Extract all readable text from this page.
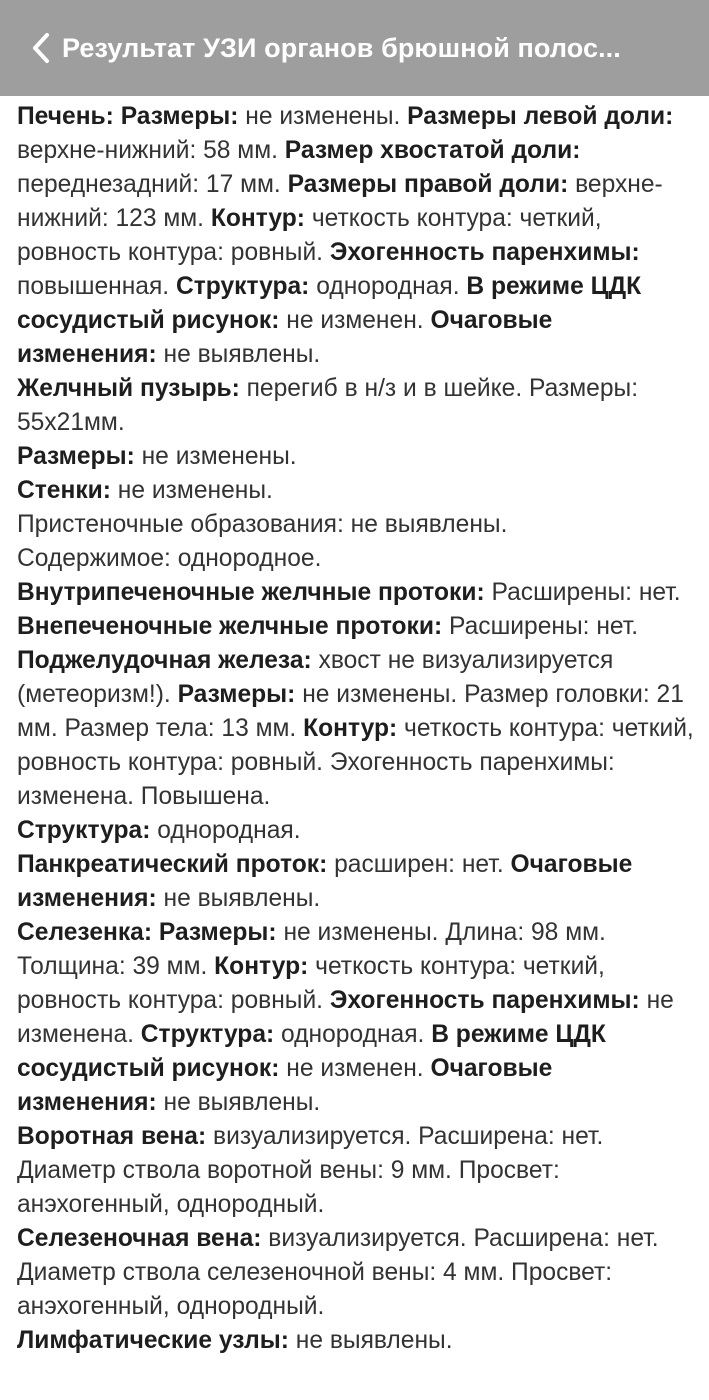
Результат УЗИ органов брюшной полос...

Печень: Размеры: не изменены. Размеры левой доли: верхне-нижний: 58 мм. Размер хвостатой доли: переднезадний: 17 мм. Размеры правой доли: верхне-нижний: 123 мм. Контур: четкость контура: четкий, ровность контура: ровный. Эхогенность паренхимы: повышенная. Структура: однородная. В режиме ЦДК сосудистый рисунок: не изменен. Очаговые изменения: не выявлены.

Желчный пузырь: перегиб в н/з и в шейке. Размеры: 55x21мм.

Размеры: не изменены.

Стенки: не изменены.

Пристеночные образования: не выявлены.

Содержимое: однородное.

Внутрипеченочные желчные протоки: Расширены: нет.

Внепеченочные желчные протоки: Расширены: нет.

Поджелудочная железа: хвост не визуализируется (метеоризм!). Размеры: не изменены. Размер головки: 21 мм. Размер тела: 13 мм. Контур: четкость контура: четкий, ровность контура: ровный. Эхогенность паренхимы: изменена. Повышена.

Структура: однородная.

Панкреатический проток: расширен: нет. Очаговые изменения: не выявлены.

Селезенка: Размеры: не изменены. Длина: 98 мм. Толщина: 39 мм. Контур: четкость контура: четкий, ровность контура: ровный. Эхогенность паренхимы: не изменена. Структура: однородная. В режиме ЦДК сосудистый рисунок: не изменен. Очаговые изменения: не выявлены.

Воротная вена: визуализируется. Расширена: нет. Диаметр ствола воротной вены: 9 мм. Просвет: анэхогенный, однородный.

Селезеночная вена: визуализируется. Расширена: нет. Диаметр ствола селезеночной вены: 4 мм. Просвет: анэхогенный, однородный.

Лимфатические узлы: не выявлены.
